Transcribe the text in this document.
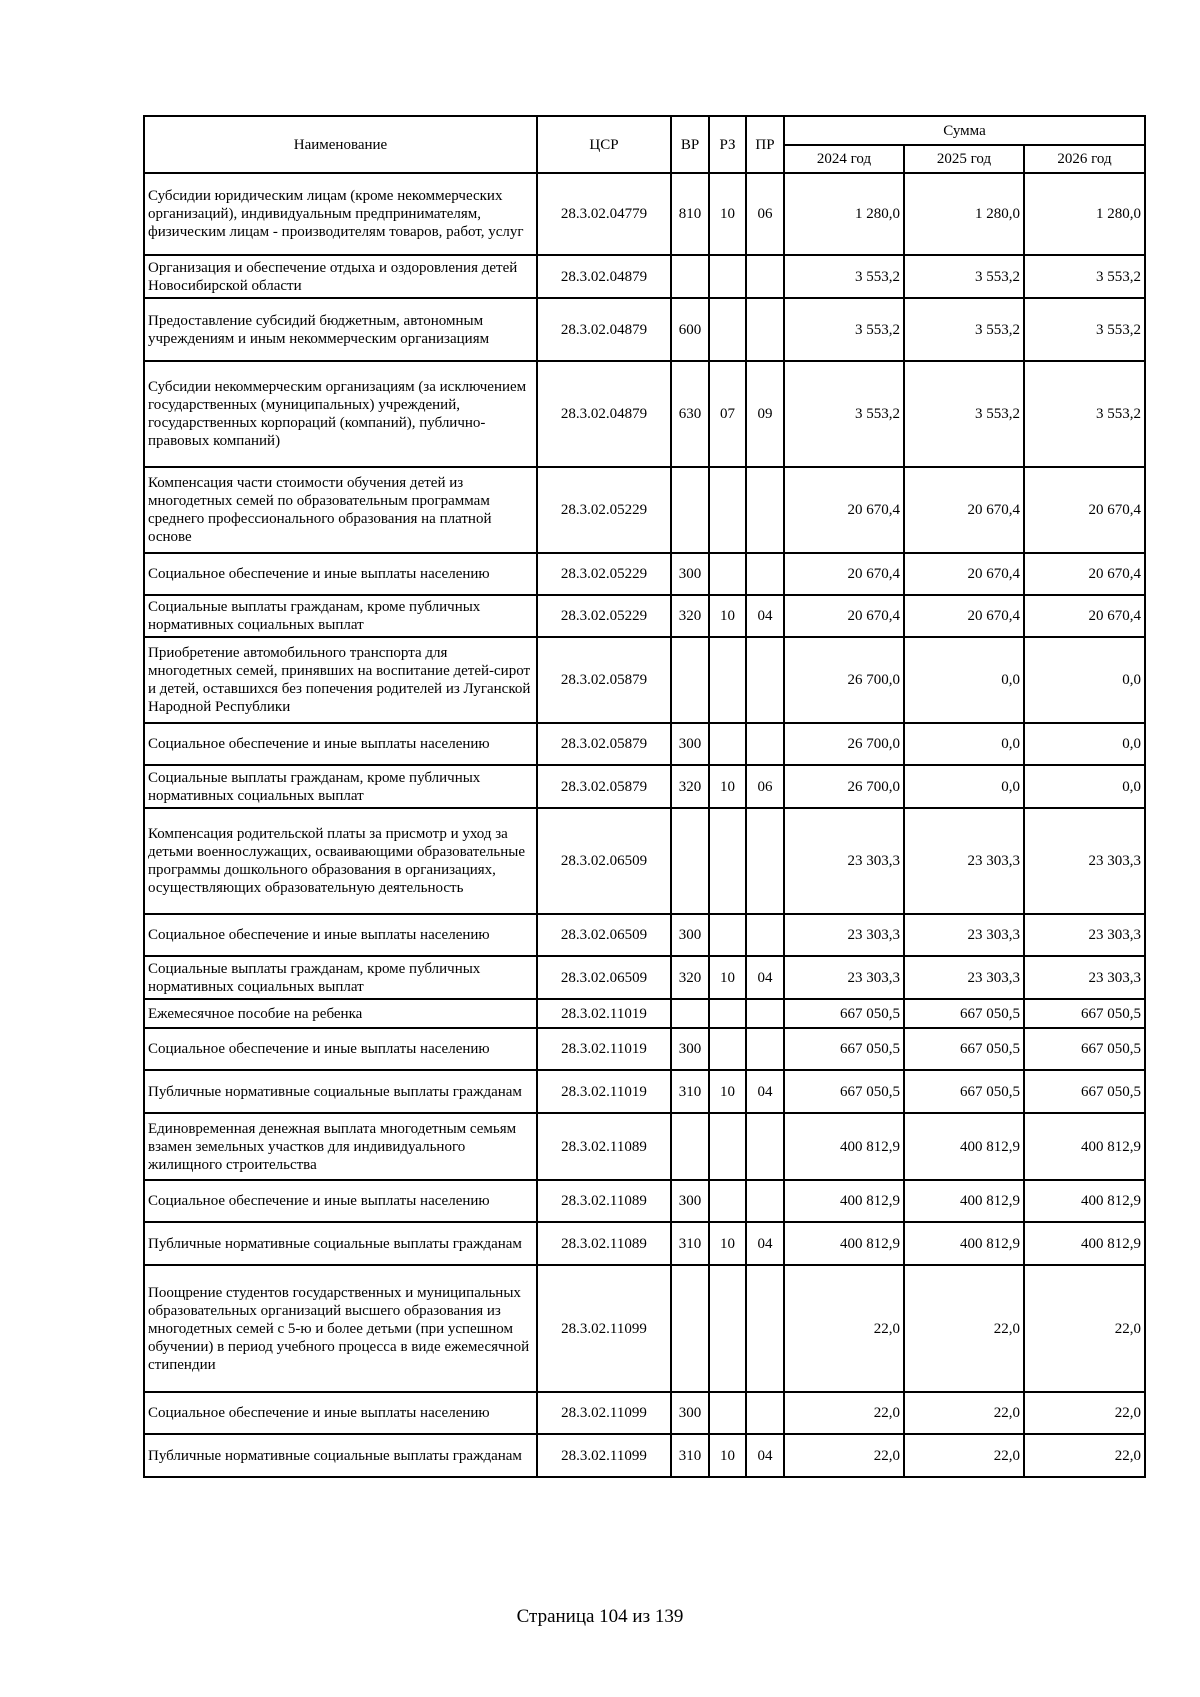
Наименование	ЦСР	ВР	РЗ	ПР	Сумма		
					2024 год	2025 год	2026 год
Субсидии юридическим лицам (кроме некоммерческих организаций), индивидуальным предпринимателям, физическим лицам - производителям товаров, работ, услуг	28.3.02.04779	810	10	06	1 280,0	1 280,0	1 280,0
Организация и обеспечение отдыха и оздоровления детей Новосибирской области	28.3.02.04879				3 553,2	3 553,2	3 553,2
Предоставление субсидий бюджетным, автономным учреждениям и иным некоммерческим организациям	28.3.02.04879	600			3 553,2	3 553,2	3 553,2
Субсидии некоммерческим организациям (за исключением государственных (муниципальных) учреждений, государственных корпораций (компаний), публично-правовых компаний)	28.3.02.04879	630	07	09	3 553,2	3 553,2	3 553,2
Компенсация части стоимости обучения детей из многодетных семей по образовательным программам среднего профессионального образования на платной основе	28.3.02.05229				20 670,4	20 670,4	20 670,4
Социальное обеспечение и иные выплаты населению	28.3.02.05229	300			20 670,4	20 670,4	20 670,4
Социальные выплаты гражданам, кроме публичных нормативных социальных выплат	28.3.02.05229	320	10	04	20 670,4	20 670,4	20 670,4
Приобретение автомобильного транспорта для многодетных семей, принявших на воспитание детей-сирот и детей, оставшихся без попечения родителей из Луганской Народной Республики	28.3.02.05879				26 700,0	0,0	0,0
Социальное обеспечение и иные выплаты населению	28.3.02.05879	300			26 700,0	0,0	0,0
Социальные выплаты гражданам, кроме публичных нормативных социальных выплат	28.3.02.05879	320	10	06	26 700,0	0,0	0,0
Компенсация родительской платы за присмотр и уход за детьми военнослужащих, осваивающими образовательные программы дошкольного образования в организациях, осуществляющих образовательную деятельность	28.3.02.06509				23 303,3	23 303,3	23 303,3
Социальное обеспечение и иные выплаты населению	28.3.02.06509	300			23 303,3	23 303,3	23 303,3
Социальные выплаты гражданам, кроме публичных нормативных социальных выплат	28.3.02.06509	320	10	04	23 303,3	23 303,3	23 303,3
Ежемесячное пособие на ребенка	28.3.02.11019				667 050,5	667 050,5	667 050,5
Социальное обеспечение и иные выплаты населению	28.3.02.11019	300			667 050,5	667 050,5	667 050,5
Публичные нормативные социальные выплаты гражданам	28.3.02.11019	310	10	04	667 050,5	667 050,5	667 050,5
Единовременная денежная выплата многодетным семьям взамен земельных участков для индивидуального жилищного строительства	28.3.02.11089				400 812,9	400 812,9	400 812,9
Социальное обеспечение и иные выплаты населению	28.3.02.11089	300			400 812,9	400 812,9	400 812,9
Публичные нормативные социальные выплаты гражданам	28.3.02.11089	310	10	04	400 812,9	400 812,9	400 812,9
Поощрение студентов государственных и муниципальных образовательных организаций высшего образования из многодетных семей с 5-ю и более детьми (при успешном обучении) в период учебного процесса в виде ежемесячной стипендии	28.3.02.11099				22,0	22,0	22,0
Социальное обеспечение и иные выплаты населению	28.3.02.11099	300			22,0	22,0	22,0
Публичные нормативные социальные выплаты гражданам	28.3.02.11099	310	10	04	22,0	22,0	22,0
Страница 104 из 139
